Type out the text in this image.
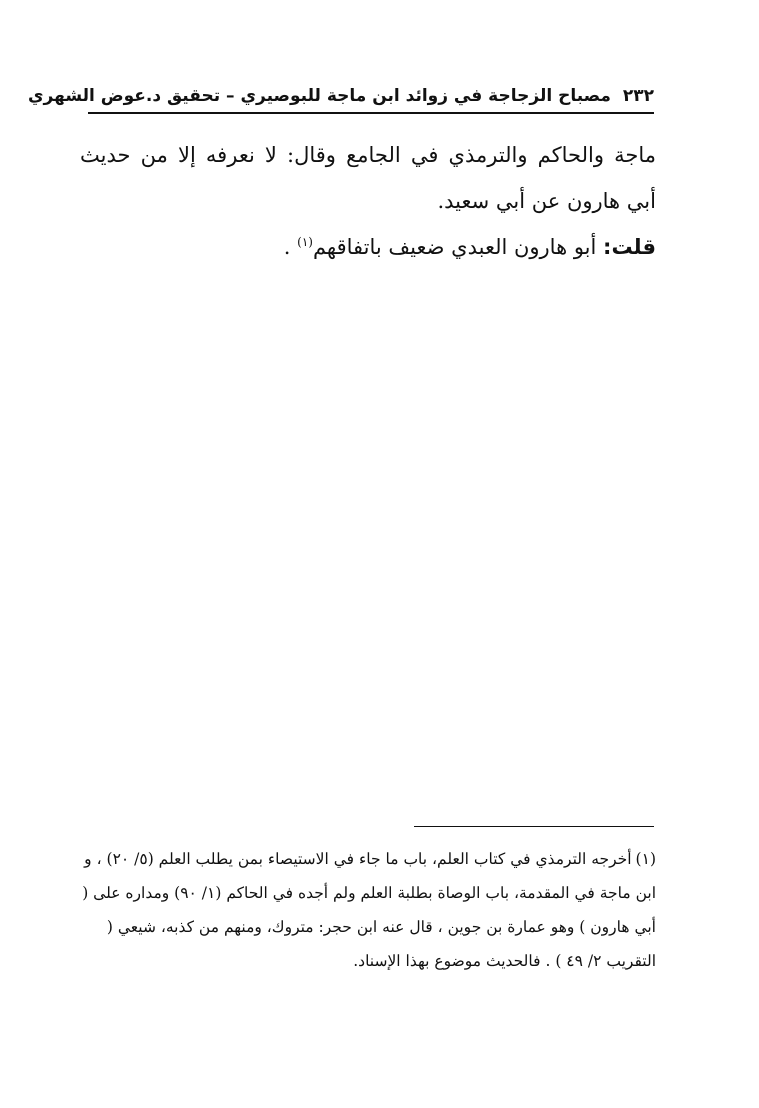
٢٣٢ مصباح الزجاجة في زوائد ابن ماجة للبوصيري – تحقيق د.عوض الشهري

ماجة والحاكم والترمذي في الجامع وقال: لا نعرفه إلا من حديث أبي هارون عن أبي سعيد.

قلت: أبو هارون العبدي ضعيف باتفاقهم$^{(١)}$ .

(١)أخرجه الترمذي في كتاب العلم، باب ما جاء في الاستيصاء بمن يطلب العلم (٥/ ٢٠) ، و ابن ماجة في المقدمة، باب الوصاة بطلبة العلم ولم أجده في الحاكم (١/ ٩٠) ومداره على ( أبي هارون ) وهو عمارة بن جوين ، قال عنه ابن حجر: متروك، ومنهم من كذبه، شيعي ( التقريب ٢/ ٤٩ ) . فالحديث موضوع بهذا الإسناد.
